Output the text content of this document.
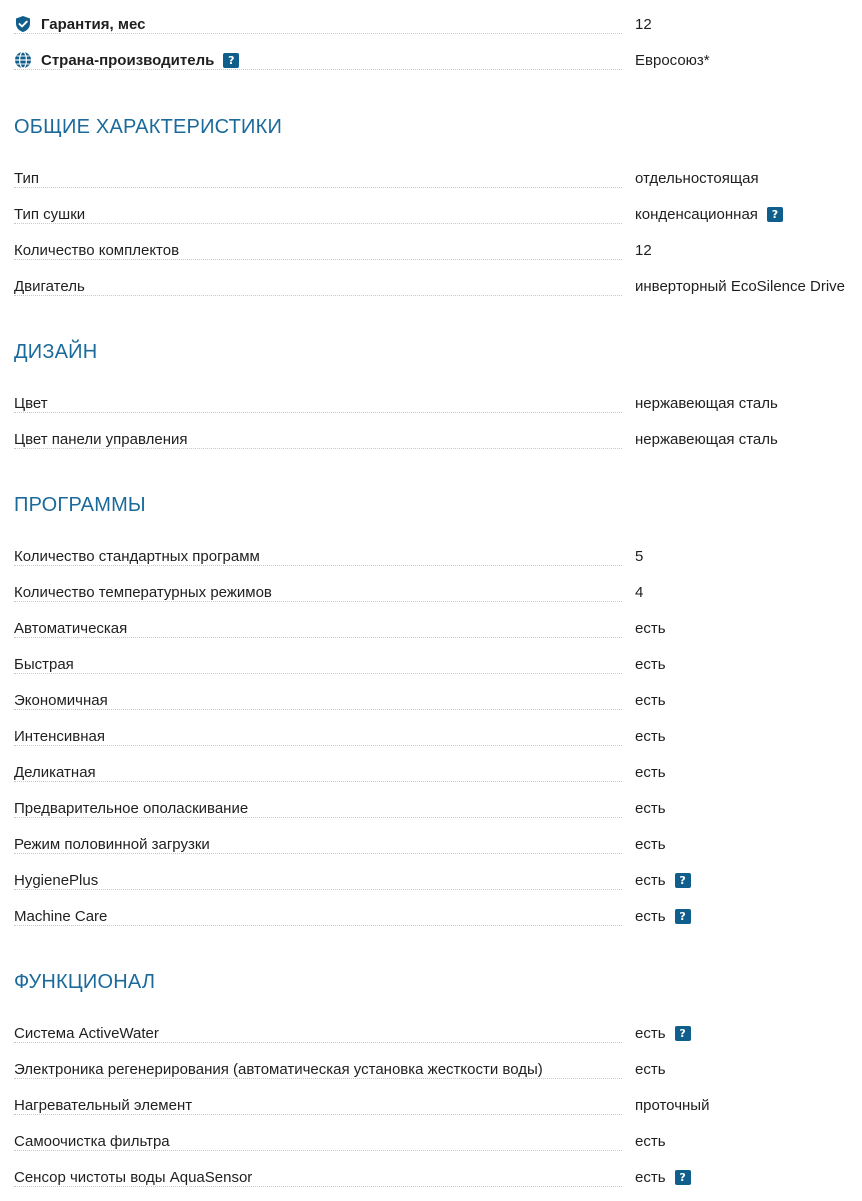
Гарантия, мес	12
Страна-производитель	?	Евросоюз*
ОБЩИЕ ХАРАКТЕРИСТИКИ
Тип	отдельностоящая
Тип сушки	конденсационная	?
Количество комплектов	12
Двигатель	инверторный EcoSilence Drive
ДИЗАЙН
Цвет	нержавеющая сталь
Цвет панели управления	нержавеющая сталь
ПРОГРАММЫ
Количество стандартных программ	5
Количество температурных режимов	4
Автоматическая	есть
Быстрая	есть
Экономичная	есть
Интенсивная	есть
Деликатная	есть
Предварительное ополаскивание	есть
Режим половинной загрузки	есть
HygienePlus	есть	?
Machine Care	есть	?
ФУНКЦИОНАЛ
Система ActiveWater	есть	?
Электроника регенерирования (автоматическая установка жесткости воды)	есть
Нагревательный элемент	проточный
Самоочистка фильтра	есть
Сенсор чистоты воды AquaSensor	есть	?
